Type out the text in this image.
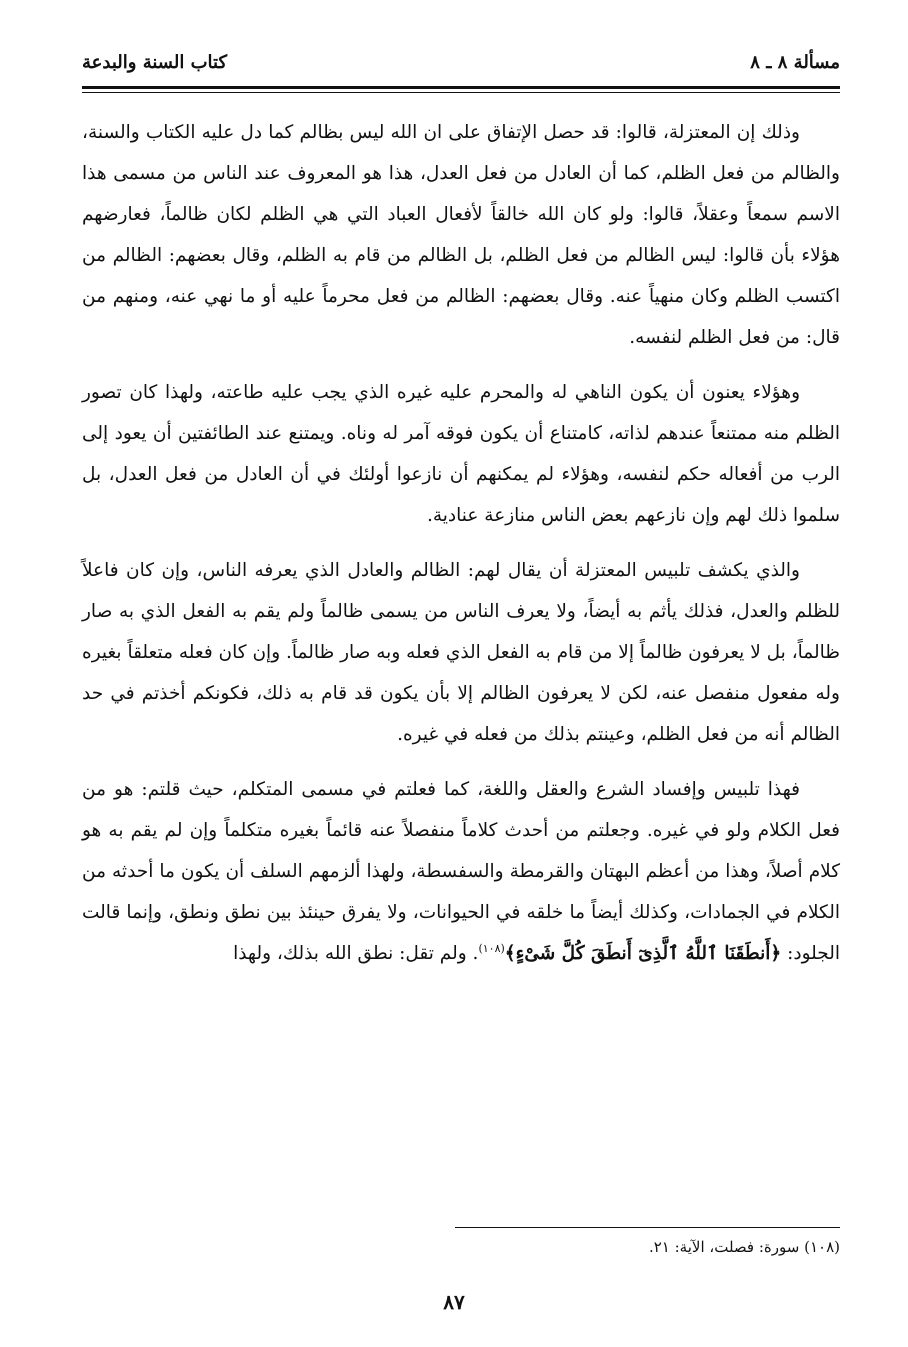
مسألة ٨ ـ ٨
كتاب السنة والبدعة

وذلك إن المعتزلة، قالوا: قد حصل الإتفاق على ان الله ليس بظالم كما دل عليه الكتاب والسنة، والظالم من فعل الظلم، كما أن العادل من فعل العدل، هذا هو المعروف عند الناس من مسمى هذا الاسم سمعاً وعقلاً، قالوا: ولو كان الله خالقاً لأفعال العباد التي هي الظلم لكان ظالماً، فعارضهم هؤلاء بأن قالوا: ليس الظالم من فعل الظلم، بل الظالم من قام به الظلم، وقال بعضهم: الظالم من اكتسب الظلم وكان منهياً عنه. وقال بعضهم: الظالم من فعل محرماً عليه أو ما نهي عنه، ومنهم من قال: من فعل الظلم لنفسه.

وهؤلاء يعنون أن يكون الناهي له والمحرم عليه غيره الذي يجب عليه طاعته، ولهذا كان تصور الظلم منه ممتنعاً عندهم لذاته، كامتناع أن يكون فوقه آمر له وناه. ويمتنع عند الطائفتين أن يعود إلى الرب من أفعاله حكم لنفسه، وهؤلاء لم يمكنهم أن نازعوا أولئك في أن العادل من فعل العدل، بل سلموا ذلك لهم وإن نازعهم بعض الناس منازعة عنادية.

والذي يكشف تلبيس المعتزلة أن يقال لهم: الظالم والعادل الذي يعرفه الناس، وإن كان فاعلاً للظلم والعدل، فذلك يأثم به أيضاً، ولا يعرف الناس من يسمى ظالماً ولم يقم به الفعل الذي به صار ظالماً، بل لا يعرفون ظالماً إلا من قام به الفعل الذي فعله وبه صار ظالماً. وإن كان فعله متعلقاً بغيره وله مفعول منفصل عنه، لكن لا يعرفون الظالم إلا بأن يكون قد قام به ذلك، فكونكم أخذتم في حد الظالم أنه من فعل الظلم، وعينتم بذلك من فعله في غيره.

فهذا تلبيس وإفساد الشرع والعقل واللغة، كما فعلتم في مسمى المتكلم، حيث قلتم: هو من فعل الكلام ولو في غيره. وجعلتم من أحدث كلاماً منفصلاً عنه قائماً بغيره متكلماً وإن لم يقم به هو كلام أصلاً، وهذا من أعظم البهتان والقرمطة والسفسطة، ولهذا ألزمهم السلف أن يكون ما أحدثه من الكلام في الجمادات، وكذلك أيضاً ما خلقه في الحيوانات، ولا يفرق حينئذ بين نطق ونطق، وإنما قالت الجلود: ﴿أَنطَقَنَا ٱللَّهُ ٱلَّذِىٓ أَنطَقَ كُلَّ شَىْءٍ﴾$^{(١٠٨)}$. ولم تقل: نطق الله بذلك، ولهذا

(١٠٨) سورة: فصلت، الآية: ٢١.
٨٧
